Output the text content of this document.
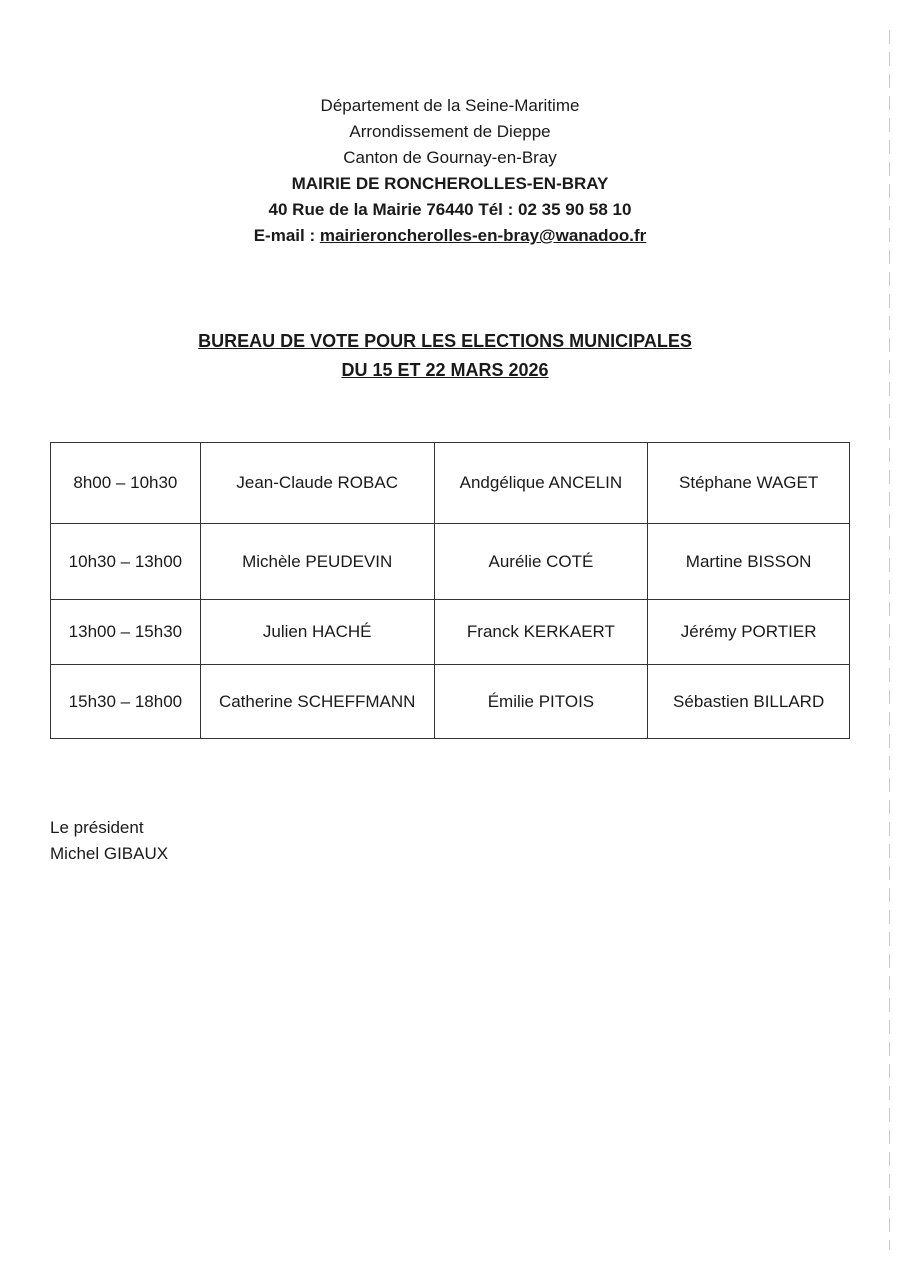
Département de la Seine-Maritime
Arrondissement de Dieppe
Canton de Gournay-en-Bray
MAIRIE DE RONCHEROLLES-EN-BRAY
40 Rue de la Mairie 76440 Tél : 02 35 90 58 10
E-mail : mairieroncherolles-en-bray@wanadoo.fr
BUREAU DE VOTE POUR LES ELECTIONS MUNICIPALES
DU 15 ET 22 MARS 2026
8h00 – 10h30	Jean-Claude ROBAC	Andgélique ANCELIN	Stéphane WAGET
10h30 – 13h00	Michèle PEUDEVIN	Aurélie COTÉ	Martine BISSON
13h00 – 15h30	Julien HACHÉ	Franck KERKAERT	Jérémy PORTIER
15h30 – 18h00	Catherine SCHEFFMANN	Émilie PITOIS	Sébastien BILLARD
Le président
Michel GIBAUX
